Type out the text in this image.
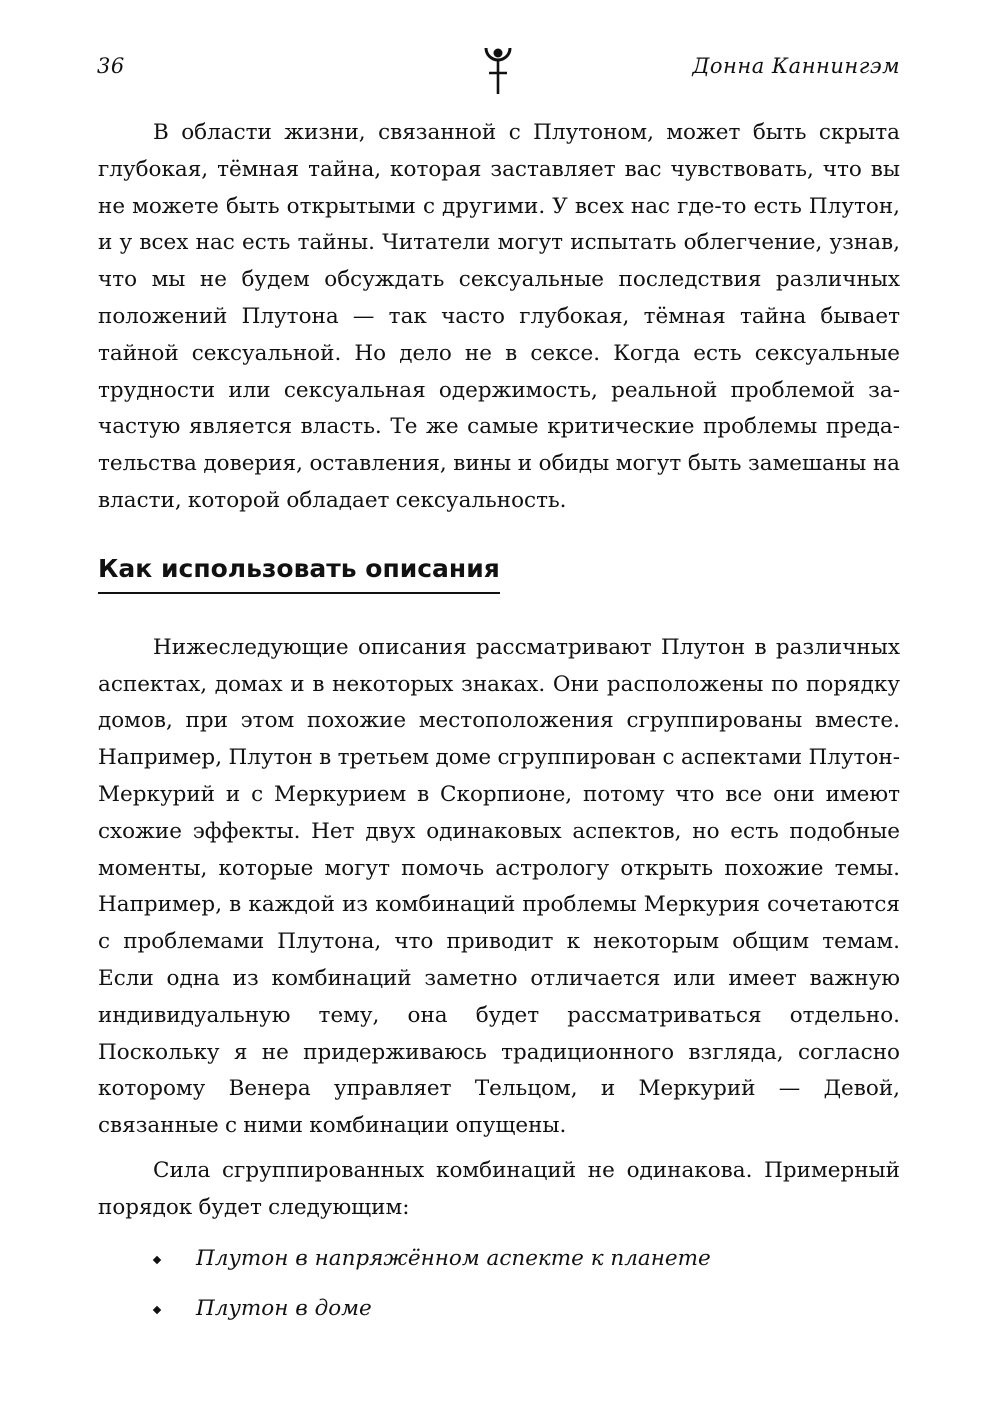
36	Донна Каннингэм

В области жизни, связанной с Плутоном, может быть скрыта глубокая, тёмная тайна, которая заставляет вас чувствовать, что вы не можете быть открытыми с другими. У всех нас где-то есть Плутон, и у всех нас есть тайны. Читатели могут испытать облегчение, узнав, что мы не будем обсуждать сексуальные последствия различных положений Плутона — так часто глубокая, тёмная тайна бывает тайной сексуальной. Но дело не в сексе. Когда есть сексуальные трудности или сексуальная одержимость, реальной проблемой зачастую является власть. Те же самые критические проблемы предательства доверия, оставления, вины и обиды могут быть замешаны на власти, которой обладает сексуальность.

Как использовать описания

Нижеследующие описания рассматривают Плутон в различных аспектах, домах и в некоторых знаках. Они расположены по порядку домов, при этом похожие местоположения сгруппированы вместе. Например, Плутон в третьем доме сгруппирован с аспектами Плутон-Меркурий и с Меркурием в Скорпионе, потому что все они имеют схожие эффекты. Нет двух одинаковых аспектов, но есть подобные моменты, которые могут помочь астрологу открыть похожие темы. Например, в каждой из комбинаций проблемы Меркурия сочетаются с проблемами Плутона, что приводит к некоторым общим темам. Если одна из комбинаций заметно отличается или имеет важную индивидуальную тему, она будет рассматриваться отдельно. Поскольку я не придерживаюсь традиционного взгляда, согласно которому Венера управляет Тельцом, и Меркурий — Девой, связанные с ними комбинации опущены.

Сила сгруппированных комбинаций не одинакова. Примерный порядок будет следующим:

Плутон в напряжённом аспекте к планете
Плутон в доме
